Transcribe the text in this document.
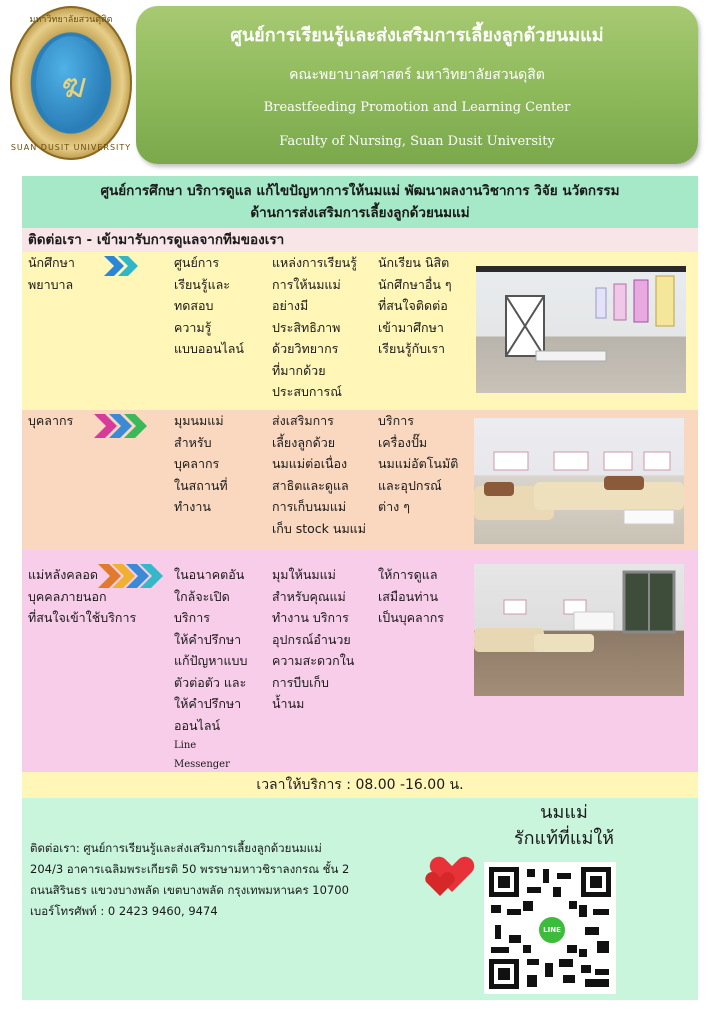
มหาวิทยาลัยสวนดุสิต
ฆ
SUAN DUSIT UNIVERSITY
ศูนย์การเรียนรู้และส่งเสริมการเลี้ยงลูกด้วยนมแม่
คณะพยาบาลศาสตร์ มหาวิทยาลัยสวนดุสิต
Breastfeeding Promotion and Learning Center
Faculty of Nursing, Suan Dusit University
ศูนย์การศึกษา บริการดูแล แก้ไขปัญหาการให้นมแม่ พัฒนาผลงานวิชาการ วิจัย นวัตกรรม
ด้านการส่งเสริมการเลี้ยงลูกด้วยนมแม่
ติดต่อเรา - เข้ามารับการดูแลจากทีมของเรา
นักศึกษา
พยาบาล
ศูนย์การ
เรียนรู้และ
ทดสอบ
ความรู้
แบบออนไลน์
แหล่งการเรียนรู้
การให้นมแม่
อย่างมี
ประสิทธิภาพ
ด้วยวิทยากร
ที่มากด้วย
ประสบการณ์
นักเรียน นิสิต
นักศึกษาอื่น ๆ
ที่สนใจติดต่อ
เข้ามาศึกษา
เรียนรู้กับเรา
บุคลากร	มุมนมแม่
สำหรับ
บุคลากร
ในสถานที่
ทำงาน
ส่งเสริมการ
เลี้ยงลูกด้วย
นมแม่ต่อเนื่อง
สาธิตและดูแล
การเก็บนมแม่
เก็บ stock นมแม่
บริการ
เครื่องปั๊ม
นมแม่อัตโนมัติ
และอุปกรณ์
ต่าง ๆ
แม่หลังคลอด
บุคคลภายนอก
ที่สนใจเข้าใช้บริการ
ในอนาคตอัน
ใกล้จะเปิด
บริการ
ให้คำปรึกษา
แก้ปัญหาแบบ
ตัวต่อตัว และ
ให้คำปรึกษา
ออนไลน์
Line
Messenger
มุมให้นมแม่
สำหรับคุณแม่
ทำงาน บริการ
อุปกรณ์อำนวย
ความสะดวกใน
การบีบเก็บ
น้ำนม
ให้การดูแล
เสมือนท่าน
เป็นบุคลากร
เวลาให้บริการ : 08.00 -16.00 น.
ติดต่อเรา: ศูนย์การเรียนรู้และส่งเสริมการเลี้ยงลูกด้วยนมแม่
204/3 อาคารเฉลิมพระเกียรติ 50 พรรษามหาวชิราลงกรณ ชั้น 2
ถนนสิรินธร แขวงบางพลัด เขตบางพลัด กรุงเทพมหานคร 10700
เบอร์โทรศัพท์ : 0 2423 9460, 9474
นมแม่
รักแท้ที่แม่ให้
LINE
